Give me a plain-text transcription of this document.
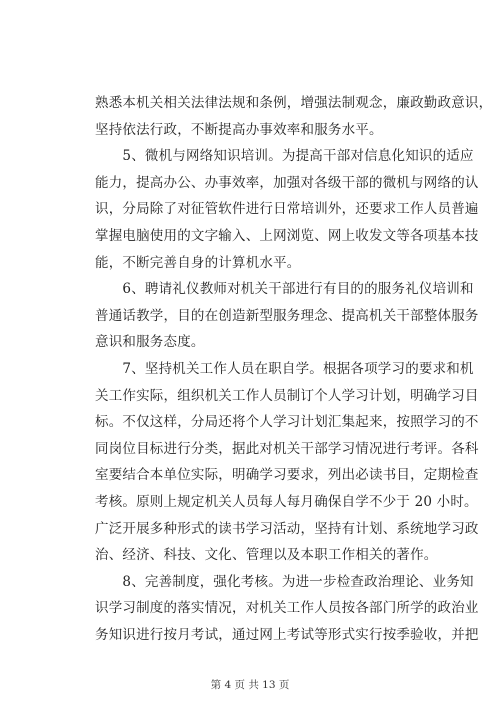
熟悉本机关相关法律法规和条例，增强法制观念，廉政勤政意识，
坚持依法行政，不断提高办事效率和服务水平。
　　5、微机与网络知识培训。为提高干部对信息化知识的适应
能力，提高办公、办事效率，加强对各级干部的微机与网络的认
识，分局除了对征管软件进行日常培训外，还要求工作人员普遍
掌握电脑使用的文字输入、上网浏览、网上收发文等各项基本技
能，不断完善自身的计算机水平。
　　6、聘请礼仪教师对机关干部进行有目的的服务礼仪培训和
普通话教学，目的在创造新型服务理念、提高机关干部整体服务
意识和服务态度。
　　7、坚持机关工作人员在职自学。根据各项学习的要求和机
关工作实际，组织机关工作人员制订个人学习计划，明确学习目
标。不仅这样，分局还将个人学习计划汇集起来，按照学习的不
同岗位目标进行分类，据此对机关干部学习情况进行考评。各科
室要结合本单位实际，明确学习要求，列出必读书目，定期检查
考核。原则上规定机关人员每人每月确保自学不少于 20 小时。
广泛开展多种形式的读书学习活动，坚持有计划、系统地学习政
治、经济、科技、文化、管理以及本职工作相关的著作。
　　8、完善制度，强化考核。为进一步检查政治理论、业务知
识学习制度的落实情况，对机关工作人员按各部门所学的政治业
务知识进行按月考试，通过网上考试等形式实行按季验收，并把
第 4 页 共 13 页
